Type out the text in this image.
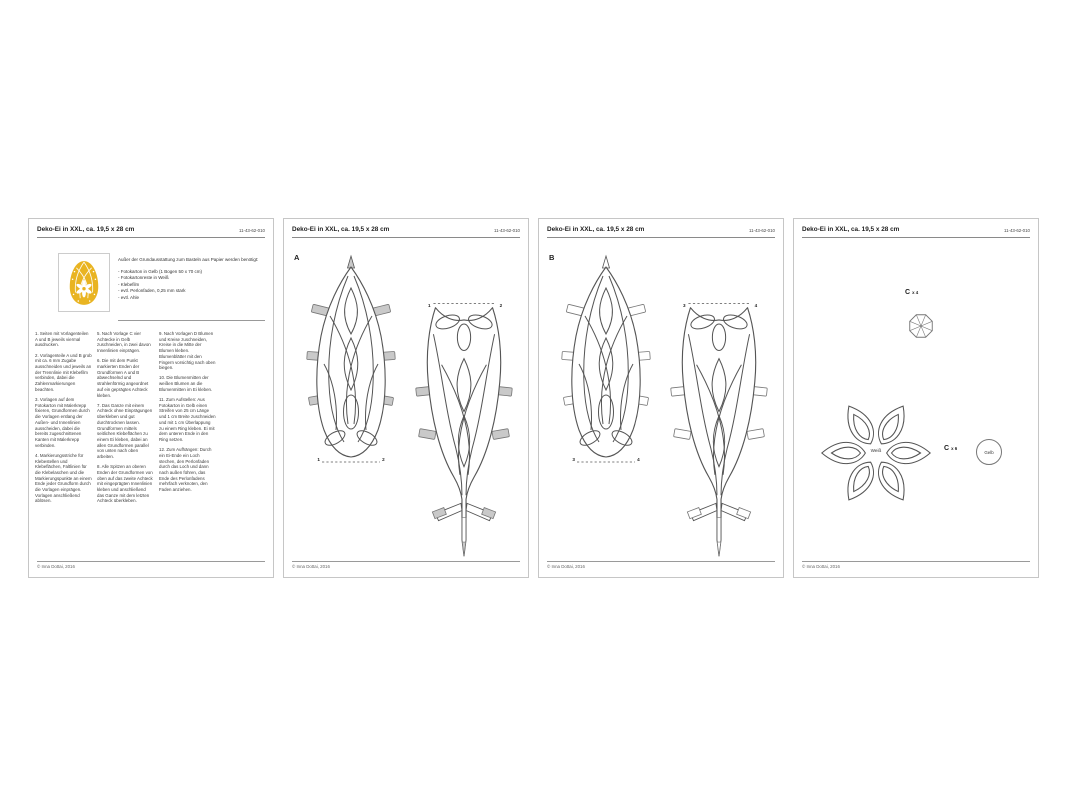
Deko-Ei in XXL, ca. 19,5 x 28 cm	11-43-62-010
Außer der Grundausstattung zum Basteln aus Papier werden benötigt:
- Fotokarton in Gelb (1 Bogen 50 x 70 cm)
- Fotokartonreste in Weiß
- Klebefilm
- evtl. Perlonfaden, 0,25 mm stark
- evtl. Ahle

1. Seiten mit Vorlagenteilen A und B jeweils viermal ausdrucken.

2. Vorlagenteile A und B grob mit ca. 6 mm Zugabe ausschneiden und jeweils an der Trennlinie mit Klebefilm verbinden, dabei die Zahlenmarkierungen beachten.

3. Vorlagen auf dem Fotokarton mit Malerkrepp fixieren, Grundformen durch die Vorlagen entlang der Außen- und Innenlinien ausscheiden, dabei die bereits zugeschnittenen Kanten mit Malerkrepp verbinden.

4. Markierungsstriche für Klebestellen und Klebeflächen, Faltlinien für die Klebelaschen und die Markierungspunkte an einem Ende jeder Grundform durch die Vorlagen einprägen. Vorlagen anschließend ablösen.

5. Nach Vorlage C vier Achtecke in Gelb zuschneiden, in zwei davon Innenlinien einprägen.

6. Die mit dem Punkt markierten Enden der Grundformen A und B abwechselnd und strahlenförmig angeordnet auf ein geprägtes Achteck kleben.

7. Das Ganze mit einem Achteck ohne Einprägungen überkleben und gut durchtrocknen lassen. Grundformen mittels seitlichen Klebeflächen zu einem Ei kleben, dabei an allen Grundformen parallel von unten nach oben arbeiten.

8. Alle Spitzen an oberen Enden der Grundformen von oben auf das zweite Achteck mit eingeprägten Innenlinien kleben und anschließend das Ganze mit dem letzten Achteck überkleben.

9. Nach Vorlagen D Blumen und Kreise zuschneiden, Kreise in die Mitte der Blumen kleben. Blumenblätter mit den Fingern vorsichtig nach oben biegen.

10. Die Blumenmitten der weißen Blumen an die Blumenmitten im Ei kleben.

11. Zum Aufstellen: Aus Fotokarton in Gelb einen Streifen von 25 cm Länge und 1 cm Breite zuschneiden und mit 1 cm Überlappung zu einem Ring kleben. Ei mit dem unteren Ende in den Ring setzen.

12. Zum Aufhängen: Durch ein Ei-Ende ein Loch stechen, den Perlonfaden durch das Loch und dann nach außen führen, das Ende des Perlonfadens mehrfach verknoten, den Faden anziehen.

© Inna Dottai, 2016
Deko-Ei in XXL, ca. 19,5 x 28 cm	11-43-62-010
A
1	2
1	2
© Inna Dottai, 2016
Deko-Ei in XXL, ca. 19,5 x 28 cm	11-43-62-010
B
3	4
3	4
© Inna Dottai, 2016
Deko-Ei in XXL, ca. 19,5 x 28 cm	11-43-62-010
C x 4
Weiß	C x 6
Gelb
© Inna Dottai, 2016
